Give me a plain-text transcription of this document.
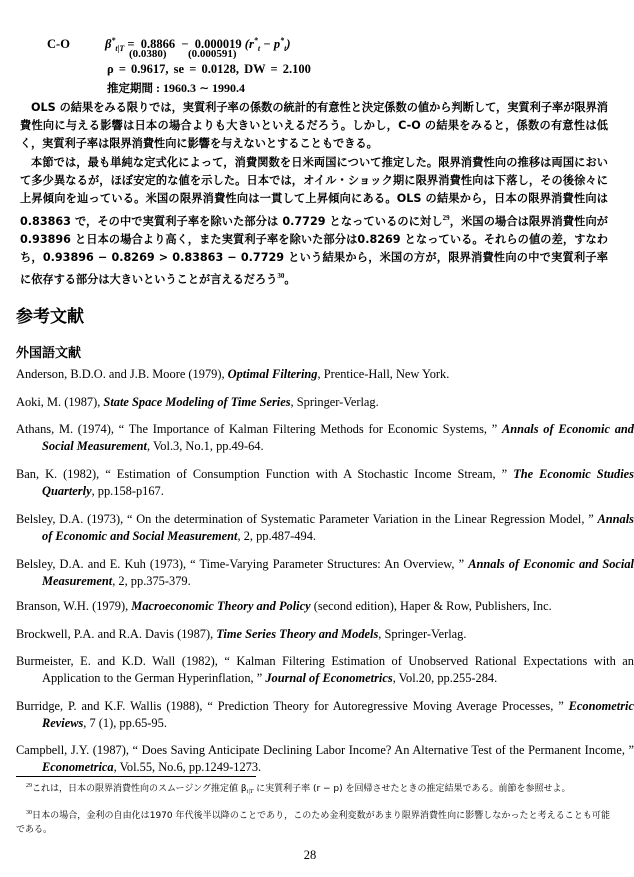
C-O	$\beta^*_{t|T} = 0.8866 - 0.000019$ $(r^*_t - p^*_t)$
(0.0380) (0.000591)
ρ = 0.9617, se = 0.0128, DW = 2.100
推定期間 : 1960.3 ∼ 1990.4
OLS の結果をみる限りでは，実質利子率の係数の統計的有意性と決定係数の値から判断して，実質利子率が限界消費性向に与える影響は日本の場合よりも大きいといえるだろう。しかし，C-O の結果をみると，係数の有意性は低く，実質利子率は限界消費性向に影響を与えないとすることもできる。
本節では，最も単純な定式化によって，消費関数を日米両国について推定した。限界消費性向の推移は両国において多少異なるが，ほぼ安定的な値を示した。日本では，オイル・ショック期に限界消費性向は下落し，その後徐々に上昇傾向を辿っている。米国の限界消費性向は一貫して上昇傾向にある。OLS の結果から，日本の限界消費性向は 0.83863 で，その中で実質利子率を除いた部分は 0.7729 となっているのに対し$^{29}$，米国の場合は限界消費性向が0.93896 と日本の場合より高く，また実質利子率を除いた部分は0.8269 となっている。それらの値の差，すなわち，0.93896 − 0.8269 > 0.83863 − 0.7729 という結果から，米国の方が，限界消費性向の中で実質利子率に依存する部分は大きいということが言えるだろう$^{30}$。
参考文献
外国語文献
Anderson, B.D.O. and J.B. Moore (1979), Optimal Filtering, Prentice-Hall, New York.
Aoki, M. (1987), State Space Modeling of Time Series, Springer-Verlag.
Athans, M. (1974), “ The Importance of Kalman Filtering Methods for Economic Systems, ” Annals of Economic and Social Measurement, Vol.3, No.1, pp.49-64.
Ban, K. (1982), “ Estimation of Consumption Function with A Stochastic Income Stream, ” The Economic Studies Quarterly, pp.158-p167.
Belsley, D.A. (1973), “ On the determination of Systematic Parameter Variation in the Linear Regression Model, ” Annals of Economic and Social Measurement, 2, pp.487-494.
Belsley, D.A. and E. Kuh (1973), “ Time-Varying Parameter Structures: An Overview, ” Annals of Economic and Social Measurement, 2, pp.375-379.
Branson, W.H. (1979), Macroeconomic Theory and Policy (second edition), Haper & Row, Publishers, Inc.
Brockwell, P.A. and R.A. Davis (1987), Time Series Theory and Models, Springer-Verlag.
Burmeister, E. and K.D. Wall (1982), “ Kalman Filtering Estimation of Unobserved Rational Expectations with an Application to the German Hyperinflation, ” Journal of Econometrics, Vol.20, pp.255-284.
Burridge, P. and K.F. Wallis (1988), “ Prediction Theory for Autoregressive Moving Average Processes, ” Econometric Reviews, 7 (1), pp.65-95.
Campbell, J.Y. (1987), “ Does Saving Anticipate Declining Labor Income? An Alternative Test of the Permanent Income, ” Econometrica, Vol.55, No.6, pp.1249-1273.
$^{29}$これは，日本の限界消費性向のスムージング推定値 $\beta_{t|T}$ に実質利子率 (r − p) を回帰させたときの推定結果である。前節を参照せよ。
$^{30}$日本の場合，金利の自由化は1970 年代後半以降のことであり，このため金利変数があまり限界消費性向に影響しなかったと考えることも可能である。
28
